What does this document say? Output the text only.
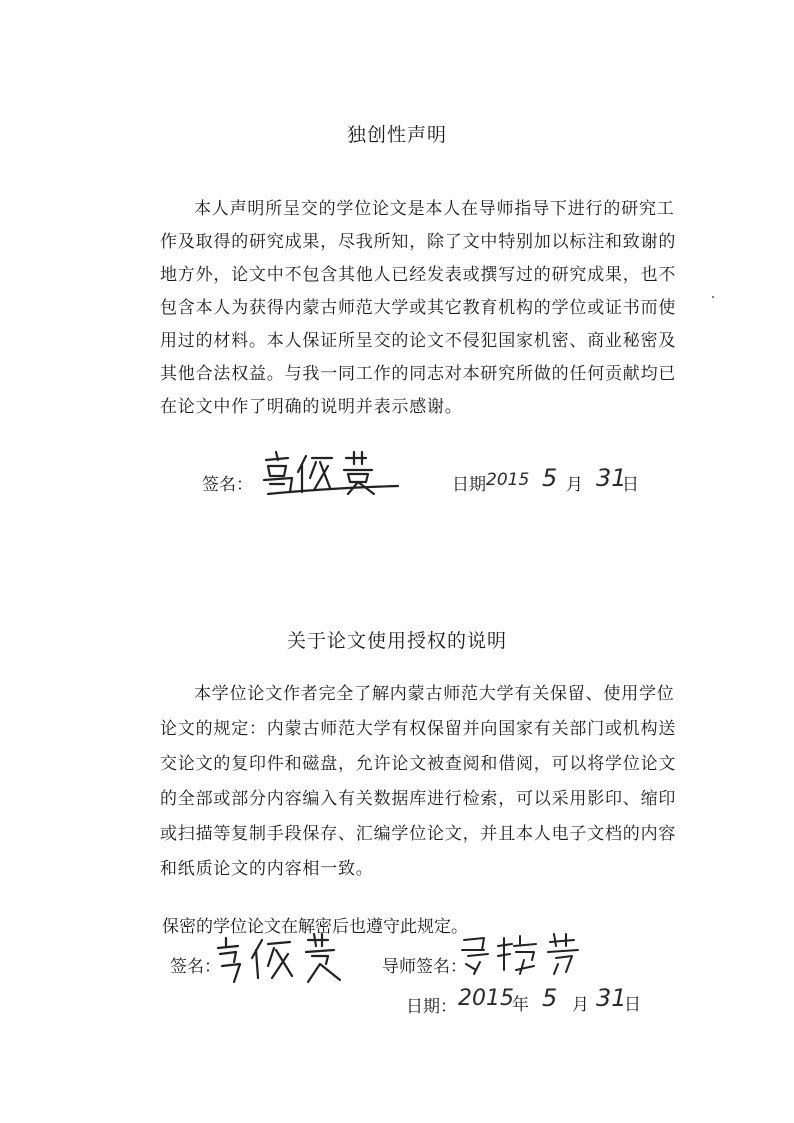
独创性声明

本人声明所呈交的学位论文是本人在导师指导下进行的研究工作及取得的研究成果，尽我所知，除了文中特别加以标注和致谢的地方外，论文中不包含其他人已经发表或撰写过的研究成果，也不包含本人为获得内蒙古师范大学或其它教育机构的学位或证书而使用过的材料。本人保证所呈交的论文不侵犯国家机密、商业秘密及其他合法权益。与我一同工作的同志对本研究所做的任何贡献均已在论文中作了明确的说明并表示感谢。

签名：	日期 2015 5 月 31
日
关于论文使用授权的说明

本学位论文作者完全了解内蒙古师范大学有关保留、使用学位论文的规定：内蒙古师范大学有权保留并向国家有关部门或机构送交论文的复印件和磁盘，允许论文被查阅和借阅，可以将学位论文的全部或部分内容编入有关数据库进行检索，可以采用影印、缩印或扫描等复制手段保存、汇编学位论文，并且本人电子文档的内容和纸质论文的内容相一致。

保密的学位论文在解密后也遵守此规定。
签名：	导师签名：
日期： 2015
年 5 月 31
日
